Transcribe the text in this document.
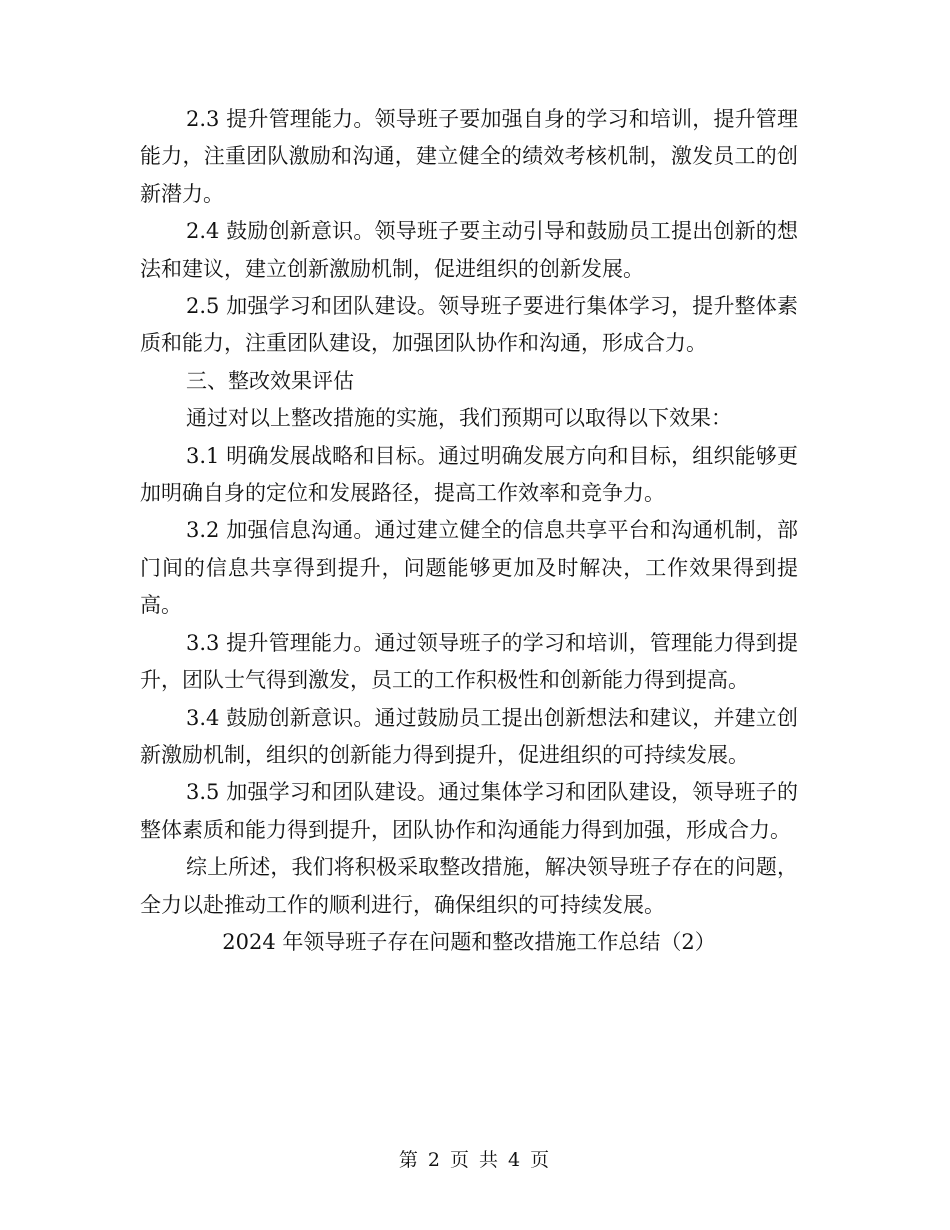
2.3 提升管理能力。领导班子要加强自身的学习和培训，提升管理能力，注重团队激励和沟通，建立健全的绩效考核机制，激发员工的创新潜力。

2.4 鼓励创新意识。领导班子要主动引导和鼓励员工提出创新的想法和建议，建立创新激励机制，促进组织的创新发展。

2.5 加强学习和团队建设。领导班子要进行集体学习，提升整体素质和能力，注重团队建设，加强团队协作和沟通，形成合力。

三、整改效果评估

通过对以上整改措施的实施，我们预期可以取得以下效果：

3.1 明确发展战略和目标。通过明确发展方向和目标，组织能够更加明确自身的定位和发展路径，提高工作效率和竞争力。

3.2 加强信息沟通。通过建立健全的信息共享平台和沟通机制，部门间的信息共享得到提升，问题能够更加及时解决，工作效果得到提高。

3.3 提升管理能力。通过领导班子的学习和培训，管理能力得到提升，团队士气得到激发，员工的工作积极性和创新能力得到提高。

3.4 鼓励创新意识。通过鼓励员工提出创新想法和建议，并建立创新激励机制，组织的创新能力得到提升，促进组织的可持续发展。

3.5 加强学习和团队建设。通过集体学习和团队建设，领导班子的整体素质和能力得到提升，团队协作和沟通能力得到加强，形成合力。

综上所述，我们将积极采取整改措施，解决领导班子存在的问题，全力以赴推动工作的顺利进行，确保组织的可持续发展。

2024 年领导班子存在问题和整改措施工作总结（2）

第 2 页 共 4 页
